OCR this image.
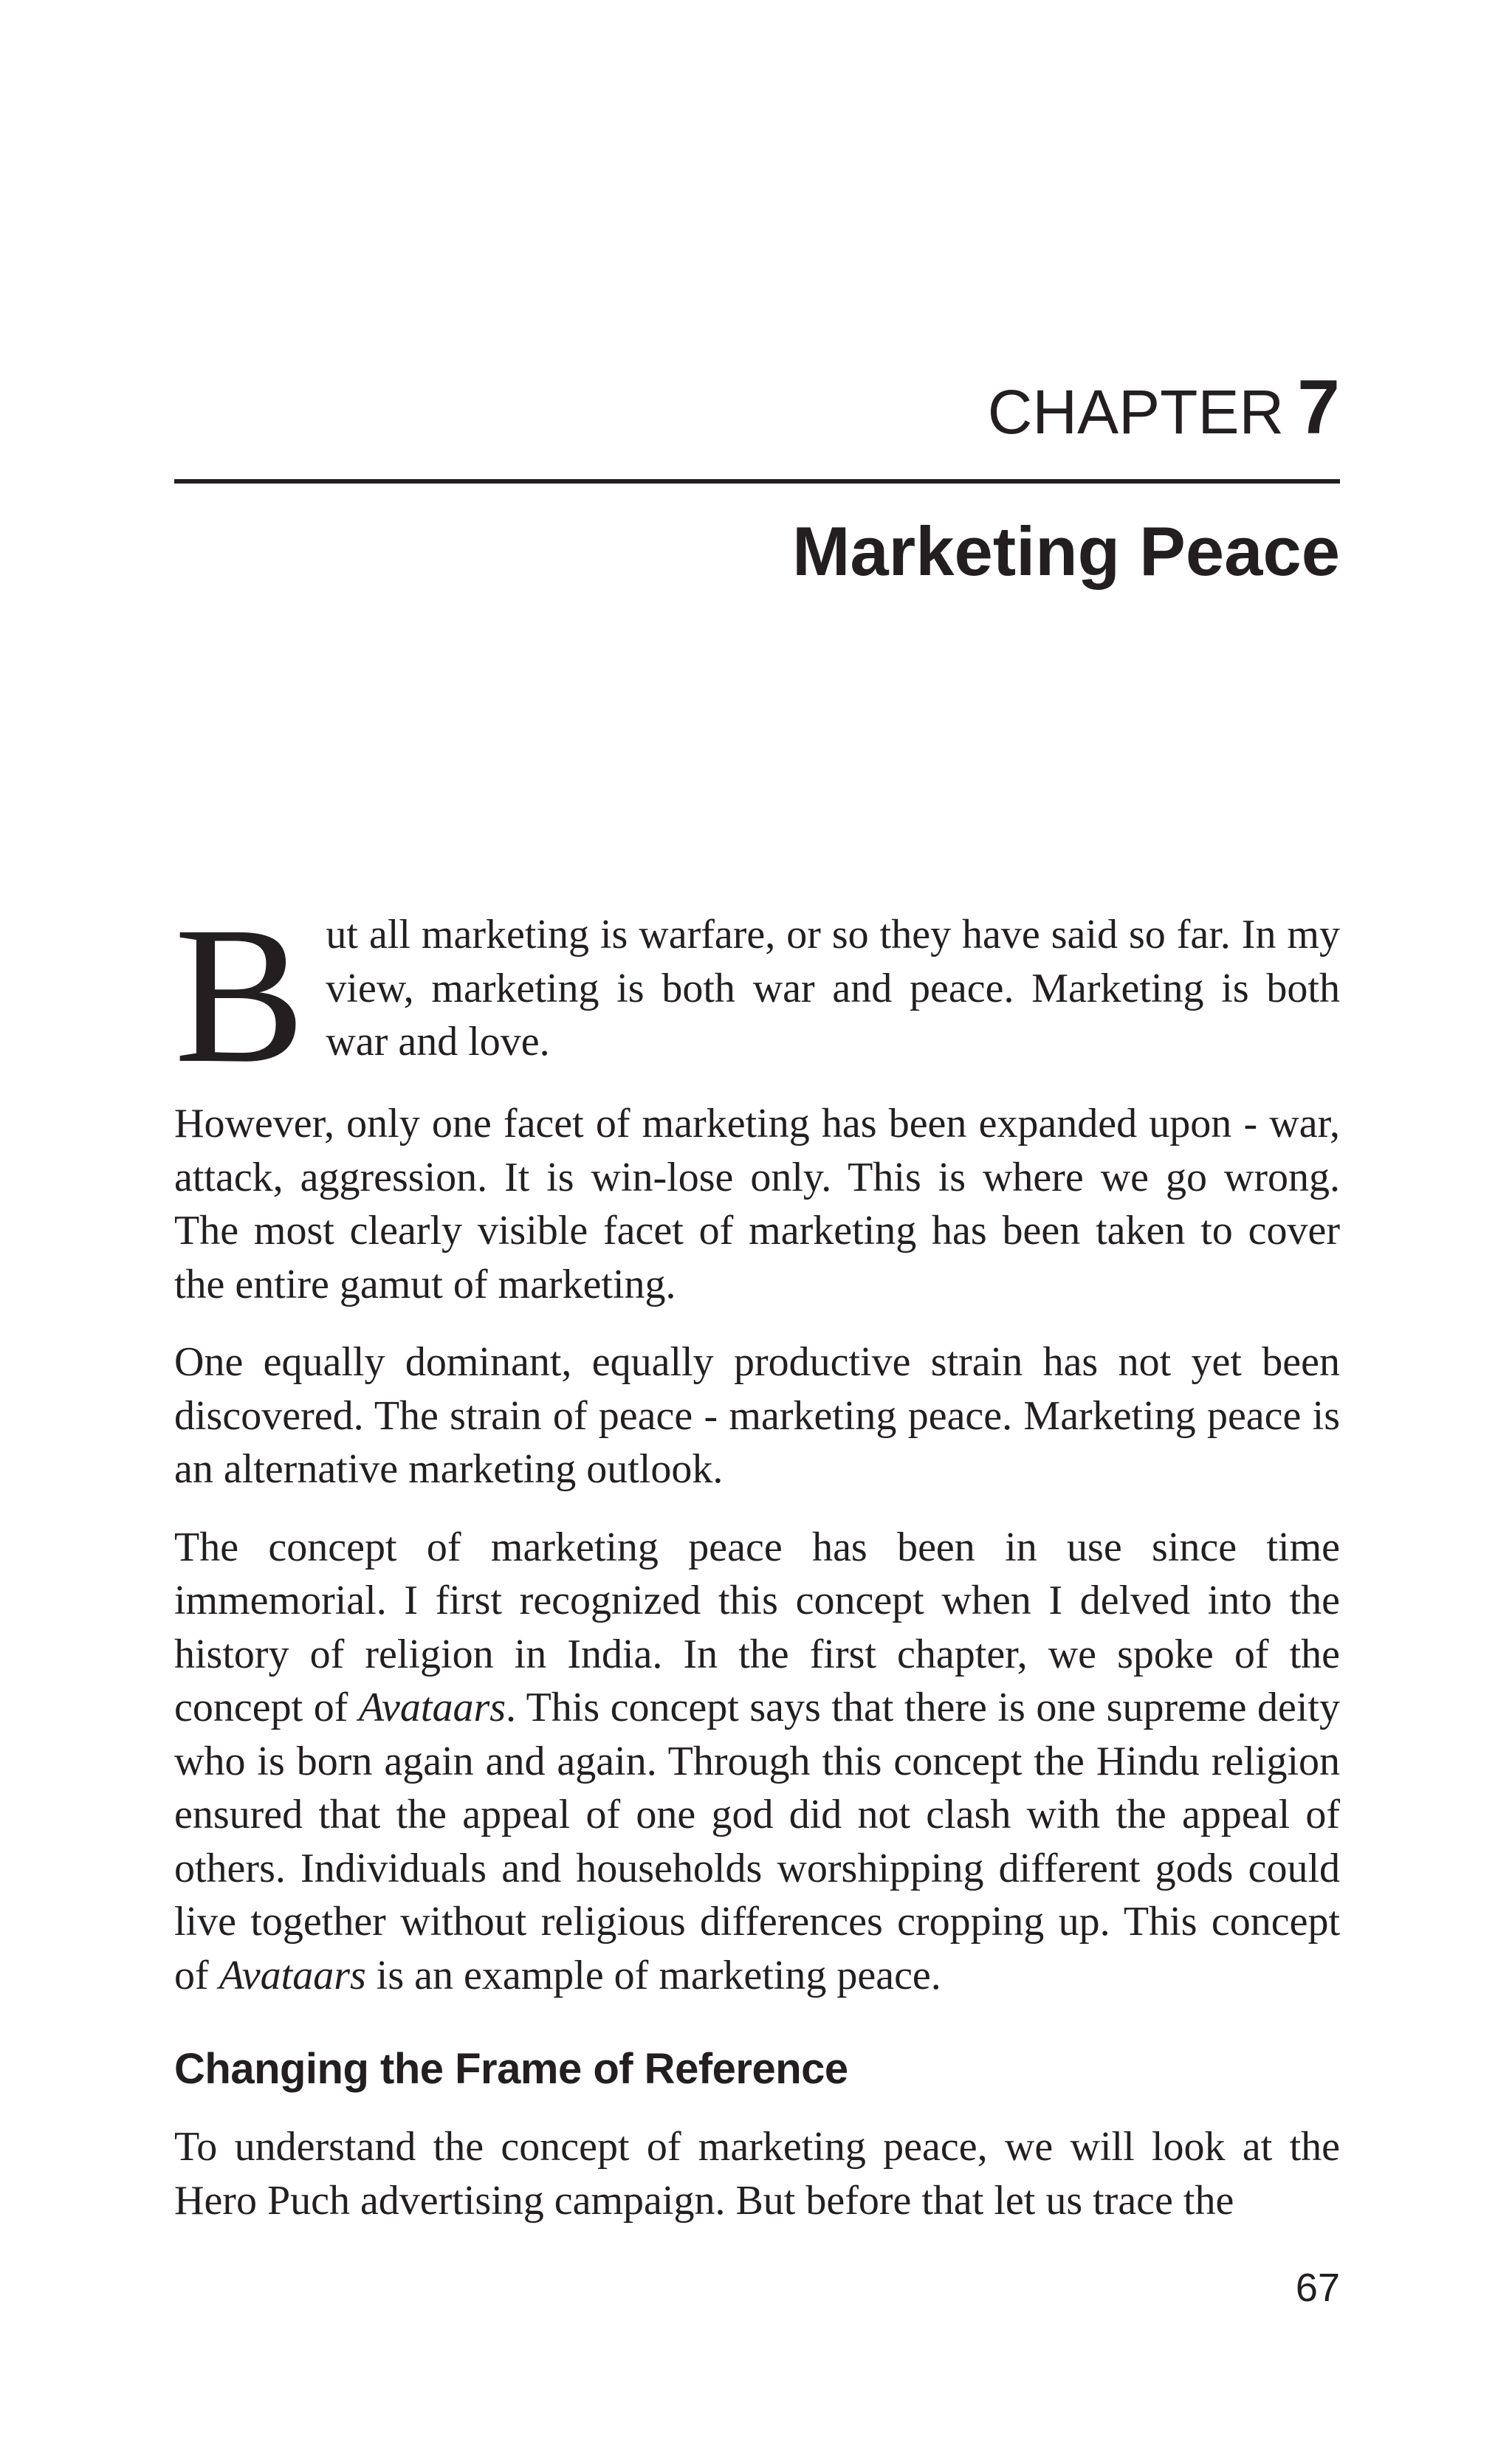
CHAPTER 7
Marketing Peace

But all marketing is warfare, or so they have said so far. In my view, marketing is both war and peace. Marketing is both war and love.

However, only one facet of marketing has been expanded upon - war, attack, aggression. It is win-lose only. This is where we go wrong. The most clearly visible facet of marketing has been taken to cover the entire gamut of marketing.

One equally dominant, equally productive strain has not yet been discovered. The strain of peace - marketing peace. Marketing peace is an alternative marketing outlook.

The concept of marketing peace has been in use since time immemorial. I first recognized this concept when I delved into the history of religion in India. In the first chapter, we spoke of the concept of Avataars. This concept says that there is one supreme deity who is born again and again. Through this concept the Hindu religion ensured that the appeal of one god did not clash with the appeal of others. Individuals and households worshipping different gods could live together without religious differences cropping up. This concept of Avataars is an example of marketing peace.

Changing the Frame of Reference

To understand the concept of marketing peace, we will look at the Hero Puch advertising campaign. But before that let us trace the

67
